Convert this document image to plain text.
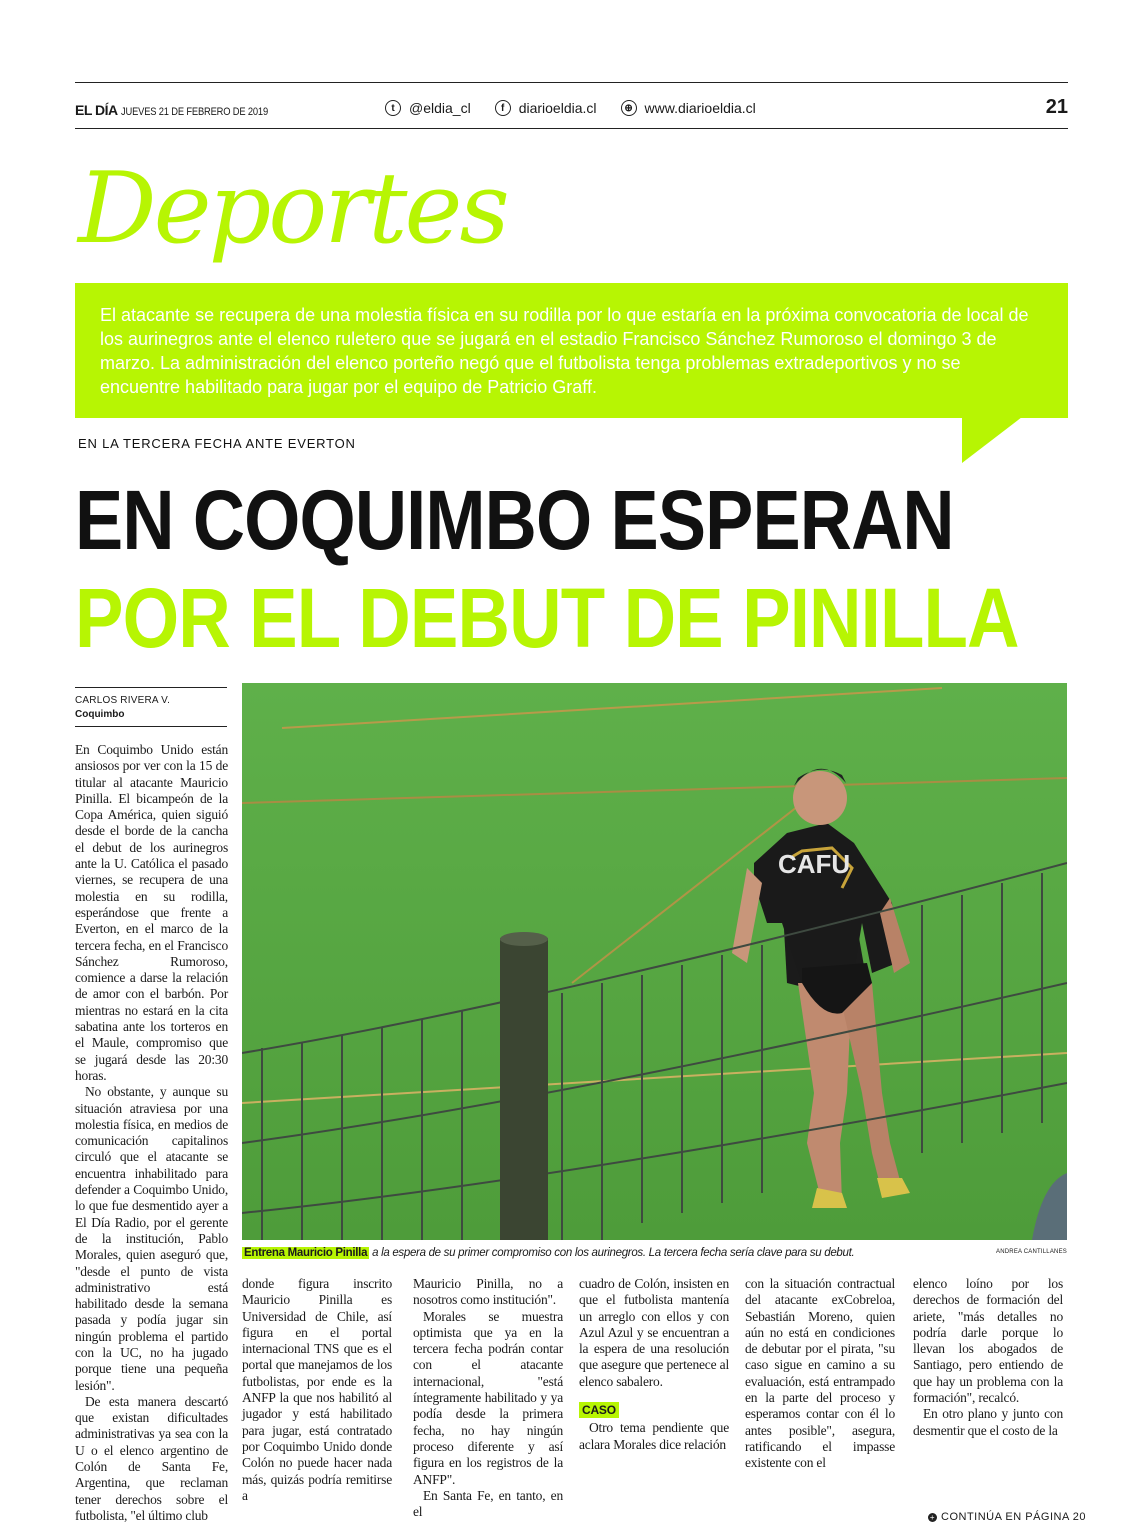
EL DÍA JUEVES 21 DE FEBRERO DE 2019	t	@eldia_cl	f	diarioeldia.cl	⊕ www.diarioeldia.cl	21
Deportes
El atacante se recupera de una molestia física en su rodilla por lo que estaría en la próxima convocatoria de local de los aurinegros ante el elenco ruletero que se jugará en el estadio Francisco Sánchez Rumoroso el domingo 3 de marzo. La administración del elenco porteño negó que el futbolista tenga problemas extradeportivos y no se encuentre habilitado para jugar por el equipo de Patricio Graff.
EN LA TERCERA FECHA ANTE EVERTON
EN COQUIMBO ESPERAN
POR EL DEBUT DE PINILLA
CARLOS RIVERA V.
Coquimbo

En Coquimbo Unido están ansiosos por ver con la 15 de titular al atacante Mauricio Pinilla. El bicampeón de la Copa América, quien siguió desde el borde de la cancha el debut de los aurinegros ante la U. Católica el pasado viernes, se recupera de una molestia en su rodilla, esperándose que frente a Everton, en el marco de la tercera fecha, en el Francisco Sánchez Rumoroso, comience a darse la relación de amor con el barbón. Por mientras no estará en la cita sabatina ante los torteros en el Maule, compromiso que se jugará desde las 20:30 horas.

No obstante, y aunque su situación atraviesa por una molestia física, en medios de comunicación capitalinos circuló que el atacante se encuentra inhabilitado para defender a Coquimbo Unido, lo que fue desmentido ayer a El Día Radio, por el gerente de la institución, Pablo Morales, quien aseguró que, "desde el punto de vista administrativo está habilitado desde la semana pasada y podía jugar sin ningún problema el partido con la UC, no ha jugado porque tiene una pequeña lesión".

De esta manera descartó que existan dificultades administrativas ya sea con la U o el elenco argentino de Colón de Santa Fe, Argentina, que reclaman tener derechos sobre el futbolista, "el último club

CAFU
Entrena Mauricio Pinilla a la espera de su primer compromiso con los aurinegros. La tercera fecha sería clave para su debut.	ANDREA CANTILLANES

donde figura inscrito Mauricio Pinilla es Universidad de Chile, así figura en el portal internacional TNS que es el portal que manejamos de los futbolistas, por ende es la ANFP la que nos habilitó al jugador y está habilitado para jugar, está contratado por Coquimbo Unido donde Colón no puede hacer nada más, quizás podría remitirse a

Mauricio Pinilla, no a nosotros como institución".

Morales se muestra optimista que ya en la tercera fecha podrán contar con el atacante internacional, "está íntegramente habilitado y ya podía desde la primera fecha, no hay ningún proceso diferente y así figura en los registros de la ANFP".

En Santa Fe, en tanto, en el

cuadro de Colón, insisten en que el futbolista mantenía un arreglo con ellos y con Azul Azul y se encuentran a la espera de una resolución que asegure que pertenece al elenco sabalero.

CASO

Otro tema pendiente que aclara Morales dice relación

con la situación contractual del atacante exCobreloa, Sebastián Moreno, quien aún no está en condiciones de debutar por el pirata, "su caso sigue en camino a su evaluación, está entrampado en la parte del proceso y esperamos contar con él lo antes posible", asegura, ratificando el impasse existente con el

elenco loíno por los derechos de formación del ariete, "más detalles no podría darle porque lo llevan los abogados de Santiago, pero entiendo de que hay un problema con la formación", recalcó.

En otro plano y junto con desmentir que el costo de la

+ CONTINÚA EN PÁGINA 20
